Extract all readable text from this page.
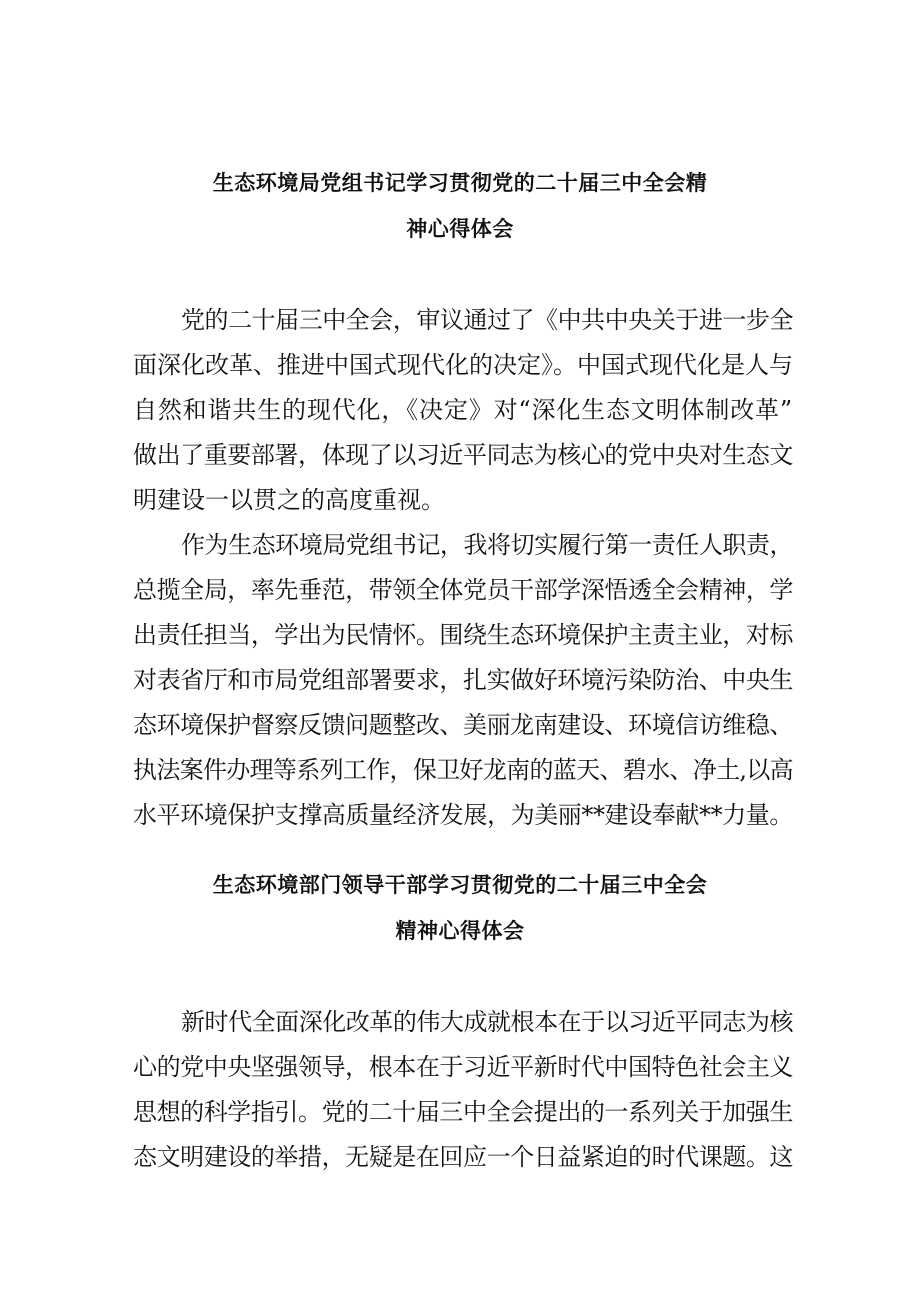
生态环境局党组书记学习贯彻党的二十届三中全会精
神心得体会
党的二十届三中全会，审议通过了《中共中央关于进一步全
面深化改革、推进中国式现代化的决定》。中国式现代化是人与
自然和谐共生的现代化，《决定》对“深化生态文明体制改革”
做出了重要部署，体现了以习近平同志为核心的党中央对生态文
明建设一以贯之的高度重视。
作为生态环境局党组书记，我将切实履行第一责任人职责，
总揽全局，率先垂范，带领全体党员干部学深悟透全会精神，学
出责任担当，学出为民情怀。围绕生态环境保护主责主业，对标
对表省厅和市局党组部署要求，扎实做好环境污染防治、中央生
态环境保护督察反馈问题整改、美丽龙南建设、环境信访维稳、
执法案件办理等系列工作，保卫好龙南的蓝天、碧水、净土,以高
水平环境保护支撑高质量经济发展，为美丽**建设奉献**力量。
生态环境部门领导干部学习贯彻党的二十届三中全会
精神心得体会
新时代全面深化改革的伟大成就根本在于以习近平同志为核
心的党中央坚强领导，根本在于习近平新时代中国特色社会主义
思想的科学指引。党的二十届三中全会提出的一系列关于加强生
态文明建设的举措，无疑是在回应一个日益紧迫的时代课题。这
